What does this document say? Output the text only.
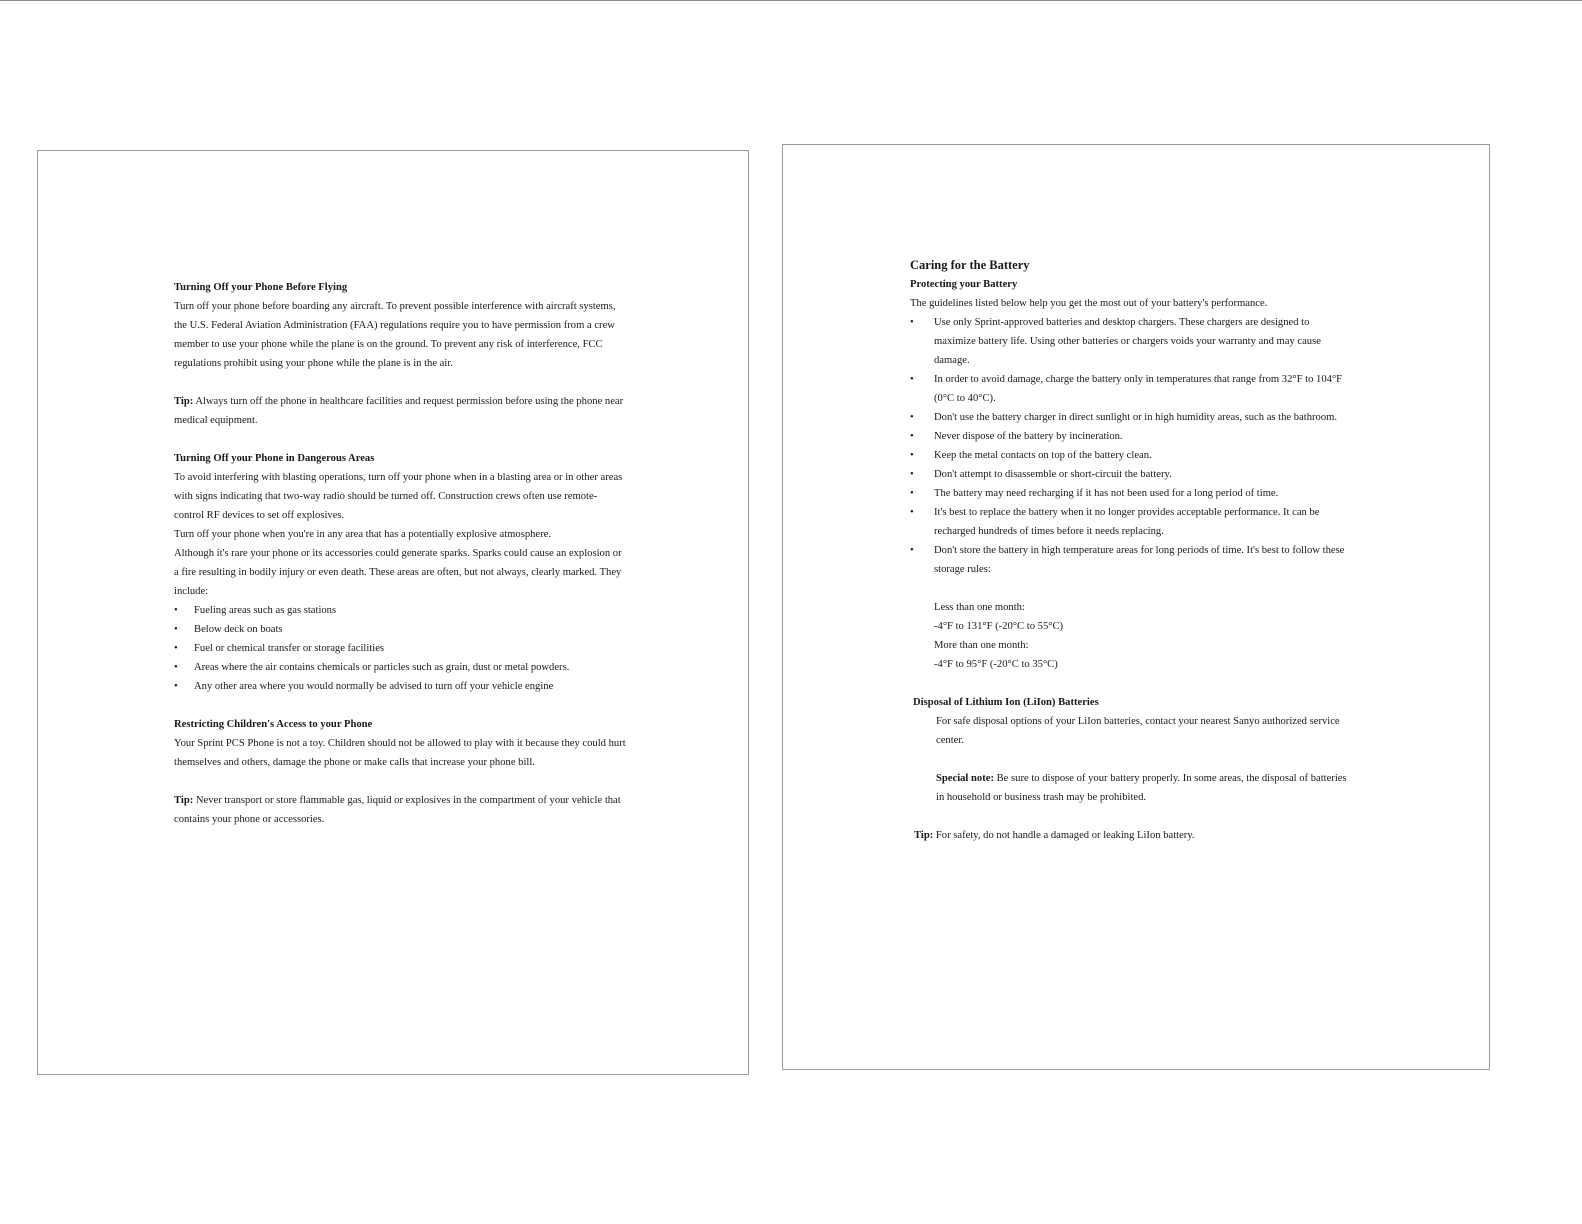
Turning Off your Phone Before Flying

Turn off your phone before boarding any aircraft. To prevent possible interference with aircraft systems, the U.S. Federal Aviation Administration (FAA) regulations require you to have permission from a crew member to use your phone while the plane is on the ground. To prevent any risk of interference, FCC regulations prohibit using your phone while the plane is in the air.

Tip: Always turn off the phone in healthcare facilities and request permission before using the phone near medical equipment.

Turning Off your Phone in Dangerous Areas

To avoid interfering with blasting operations, turn off your phone when in a blasting area or in other areas with signs indicating that two-way radio should be turned off. Construction crews often use remote-control RF devices to set off explosives.

Turn off your phone when you're in any area that has a potentially explosive atmosphere.

Although it's rare your phone or its accessories could generate sparks. Sparks could cause an explosion or a fire resulting in bodily injury or even death. These areas are often, but not always, clearly marked. They include:

• Fueling areas such as gas stations
• Below deck on boats
• Fuel or chemical transfer or storage facilities
• Areas where the air contains chemicals or particles such as grain, dust or metal powders.
• Any other area where you would normally be advised to turn off your vehicle engine

Restricting Children's Access to your Phone

Your Sprint PCS Phone is not a toy. Children should not be allowed to play with it because they could hurt themselves and others, damage the phone or make calls that increase your phone bill.

Tip: Never transport or store flammable gas, liquid or explosives in the compartment of your vehicle that contains your phone or accessories.

Caring for the Battery

Protecting your Battery

The guidelines listed below help you get the most out of your battery's performance.

• Use only Sprint-approved batteries and desktop chargers. These chargers are designed to maximize battery life. Using other batteries or chargers voids your warranty and may cause damage.
• In order to avoid damage, charge the battery only in temperatures that range from 32°F to 104°F (0°C to 40°C).
• Don't use the battery charger in direct sunlight or in high humidity areas, such as the bathroom.
• Never dispose of the battery by incineration.
• Keep the metal contacts on top of the battery clean.
• Don't attempt to disassemble or short-circuit the battery.
• The battery may need recharging if it has not been used for a long period of time.
• It's best to replace the battery when it no longer provides acceptable performance. It can be recharged hundreds of times before it needs replacing.
• Don't store the battery in high temperature areas for long periods of time. It's best to follow these storage rules:

Less than one month:

-4°F to 131°F (-20°C to 55°C)

More than one month:

-4°F to 95°F (-20°C to 35°C)

Disposal of Lithium Ion (LiIon) Batteries

For safe disposal options of your LiIon batteries, contact your nearest Sanyo authorized service center.

Special note: Be sure to dispose of your battery properly. In some areas, the disposal of batteries in household or business trash may be prohibited.

Tip: For safety, do not handle a damaged or leaking LiIon battery.
